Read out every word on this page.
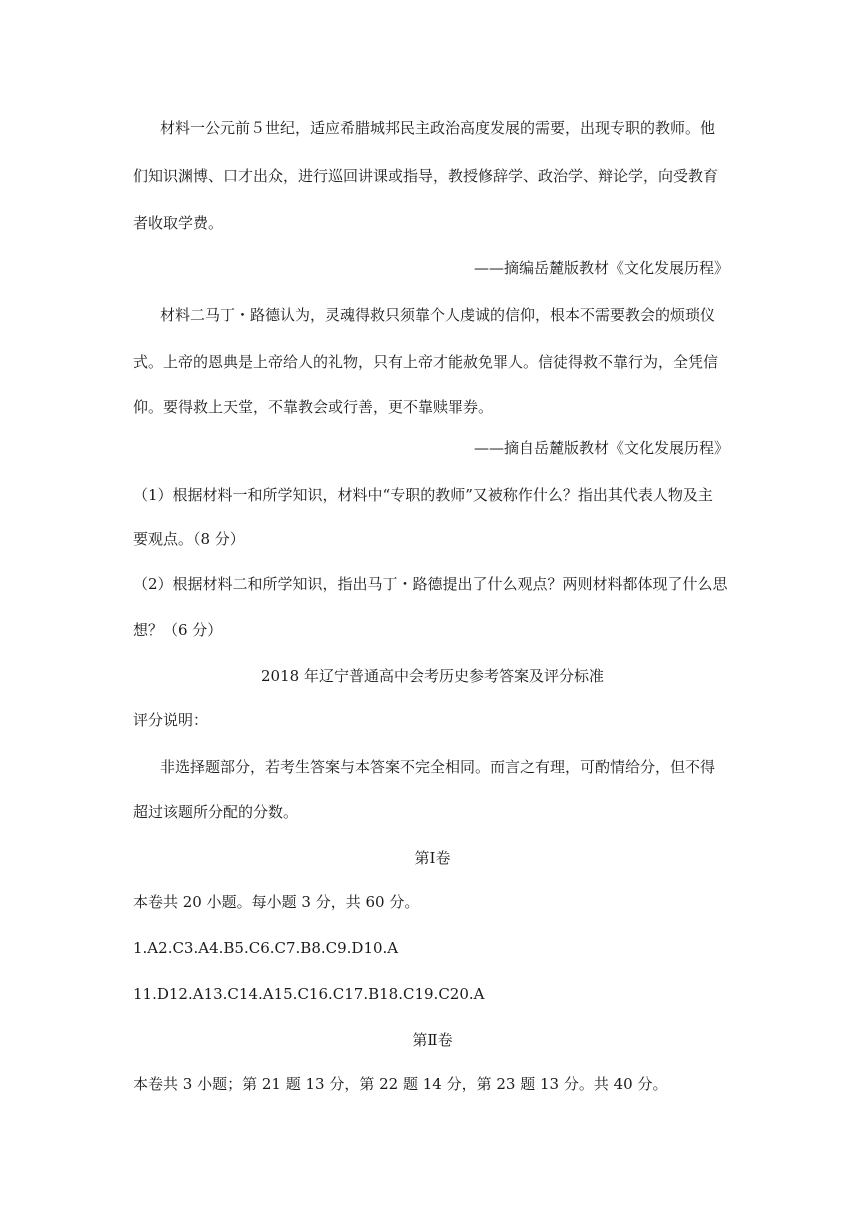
材料一公元前５世纪，适应希腊城邦民主政治高度发展的需要，出现专职的教师。他
们知识渊博、口才出众，进行巡回讲课或指导，教授修辞学、政治学、辩论学，向受教育
者收取学费。
——摘编岳麓版教材《文化发展历程》
材料二马丁・路德认为，灵魂得救只须靠个人虔诚的信仰，根本不需要教会的烦琐仪
式。上帝的恩典是上帝给人的礼物，只有上帝才能赦免罪人。信徒得救不靠行为，全凭信
仰。要得救上天堂，不靠教会或行善，更不靠赎罪券。
——摘自岳麓版教材《文化发展历程》
（1）根据材料一和所学知识，材料中“专职的教师”又被称作什么？指出其代表人物及主
要观点。（8 分）
（2）根据材料二和所学知识，指出马丁・路德提出了什么观点？两则材料都体现了什么思
想？（6 分）
2018 年辽宁普通高中会考历史参考答案及评分标准
评分说明：
非选择题部分，若考生答案与本答案不完全相同。而言之有理，可酌情给分，但不得
超过该题所分配的分数。
第Ⅰ卷
本卷共 20 小题。每小题 3 分，共 60 分。
1.A2.C3.A4.B5.C6.C7.B8.C9.D10.A
11.D12.A13.C14.A15.C16.C17.B18.C19.C20.A
第Ⅱ卷
本卷共 3 小题；第 21 题 13 分，第 22 题 14 分，第 23 题 13 分。共 40 分。
